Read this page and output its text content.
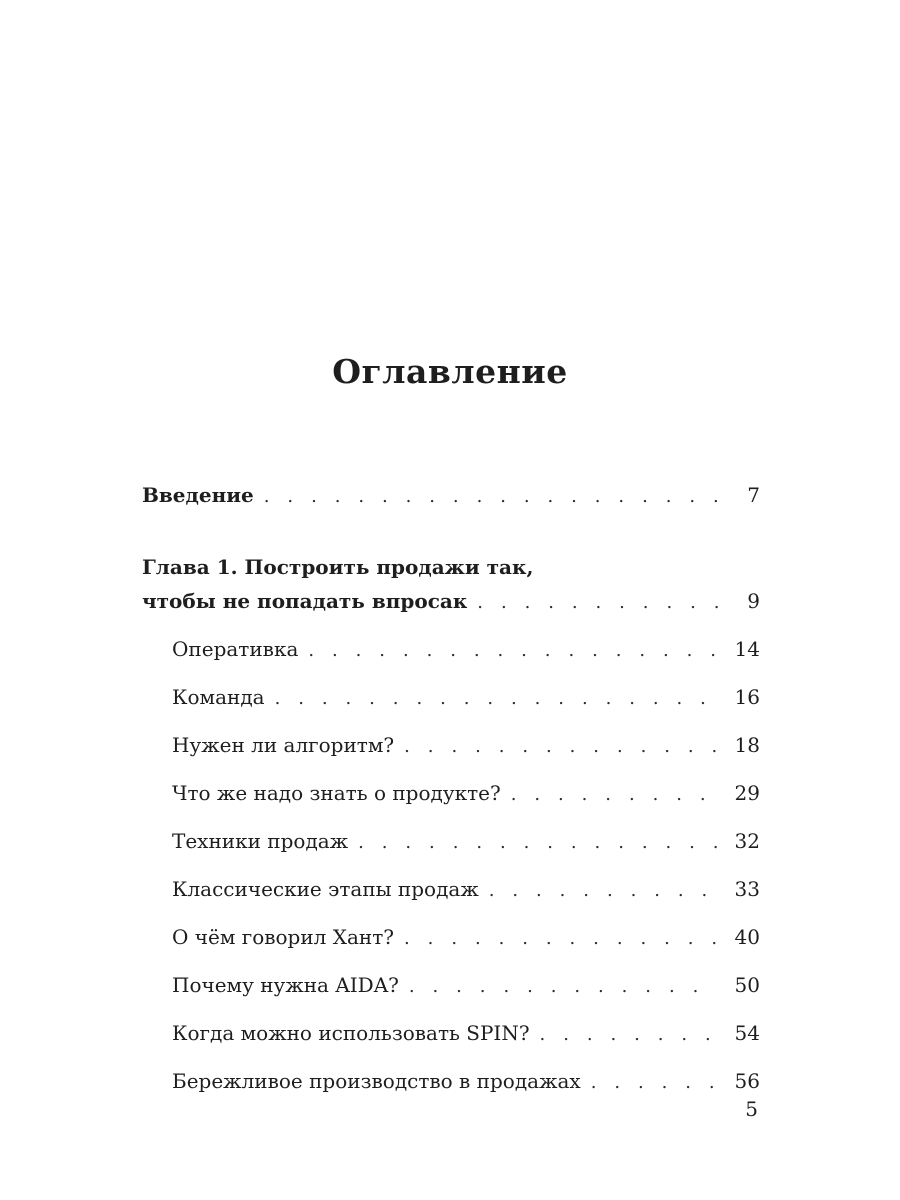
Оглавление
Введение . . .	7
Глава 1. Построить продажи так,
чтобы не попадать впросак . . .	9
Оперативка . . .	14
Команда . . .	16
Нужен ли алгоритм? . . .	18
Что же надо знать о продукте? . . .	29
Техники продаж . . .	32
Классические этапы продаж . . .	33
О чём говорил Хант? . . .	40
Почему нужна AIDA? . . .	50
Когда можно использовать SPIN? . . .	54
Бережливое производство в продажах . . .	56
5
